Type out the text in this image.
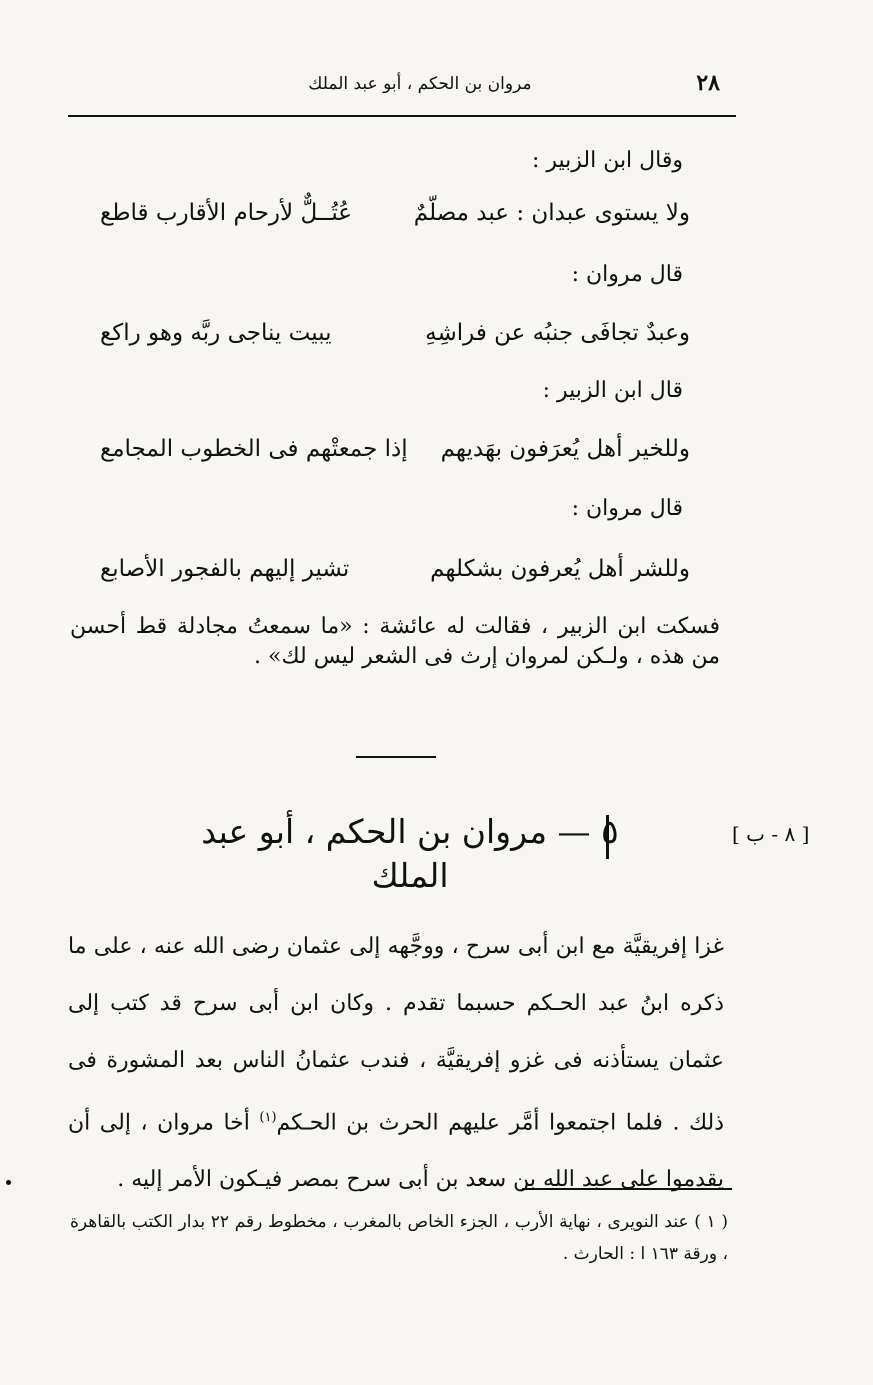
٢٨
مروان بن الحكم ، أبو عبد الملك
وقال ابن الزبير :
ولا يستوى عبدان : عبد مصلّمٌ
عُتُــلٌّ لأرحام الأقارب قاطع
قال مروان :
وعبدٌ تجافَى جنبُه عن فراشِهِ
يبيت يناجى ربَّه وهو راكع
قال ابن الزبير :
وللخير أهل يُعرَفون بهَديهم
إذا جمعتْهم فى الخطوب المجامع
قال مروان :
وللشر أهل يُعرفون بشكلهم
تشير إليهم بالفجور الأصابع
فسكت ابن الزبير ، فقالت له عائشة : «ما سمعتُ مجادلة قط أحسن من هذه ، ولـكن لمروان إرث فى الشعر ليس لك» .
[ ٨ - ب ]
٥ — مروان بن الحكم ، أبو عبد الملك

غزا إفريقيَّة مع ابن أبى سرح ، ووجَّهه إلى عثمان رضى الله عنه ، على ما ذكره ابنُ عبد الحـكم حسبما تقدم . وكان ابن أبى سرح قد كتب إلى عثمان يستأذنه فى غزو إفريقيَّة ، فندب عثمانُ الناس بعد المشورة فى ذلك . فلما اجتمعوا أمَّر عليهم الحرث بن الحـكم$^{(١)}$ أخا مروان ، إلى أن يقدموا على عبد الله بن سعد بن أبى سرح بمصر فيـكون الأمر إليه .

( ١ ) عند النويرى ، نهاية الأرب ، الجزء الخاص بالمغرب ، مخطوط رقم ٢٢ بدار الكتب بالقاهرة ، ورقة ١٦٣ ا : الحارث .
